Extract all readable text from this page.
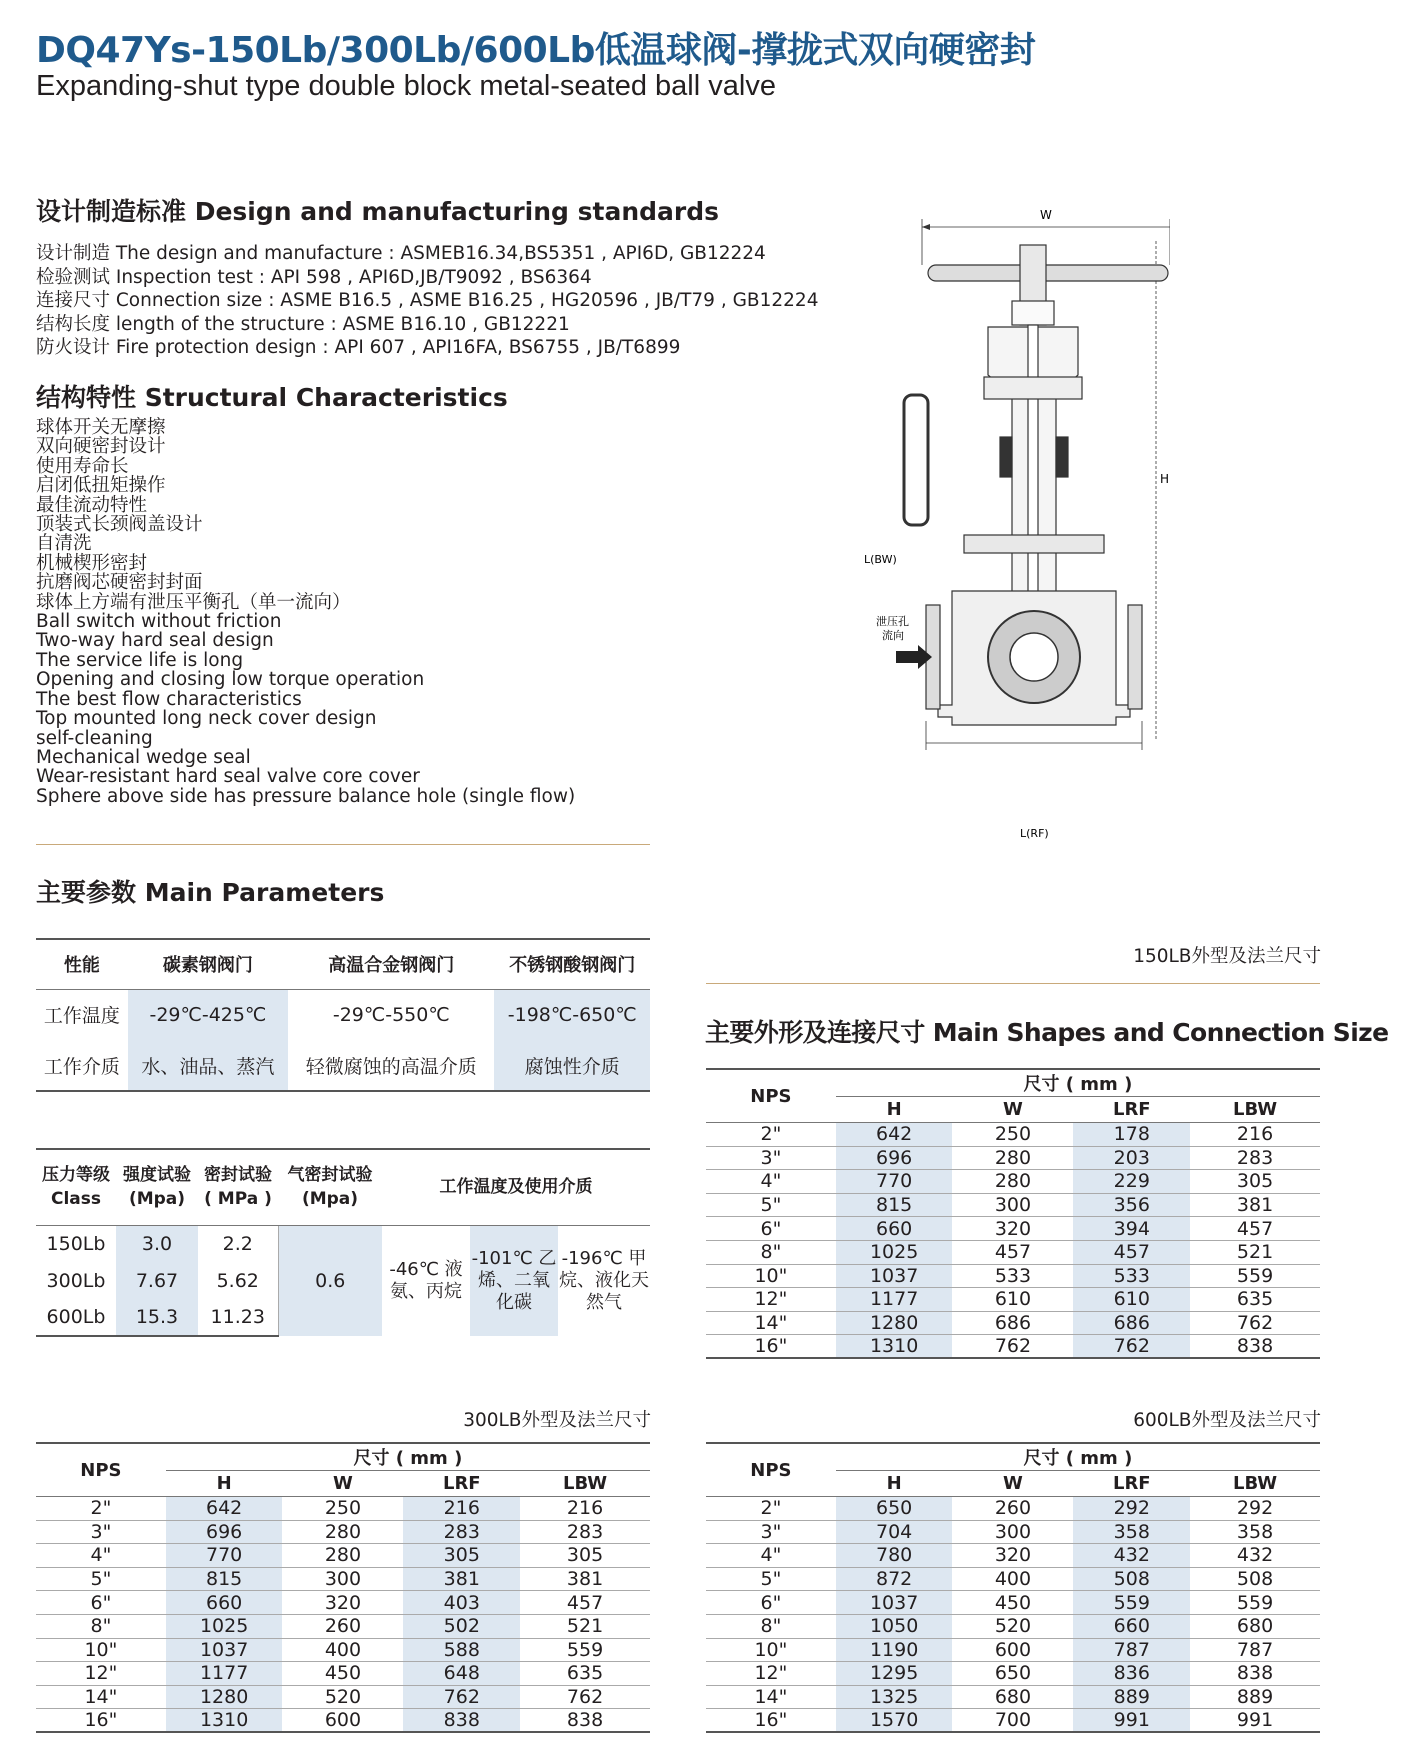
DQ47Ys-150Lb/300Lb/600Lb低温球阀-撑拢式双向硬密封
Expanding-shut type double block metal-seated ball valve
设计制造标准 Design and manufacturing standards
设计制造 The design and manufacture : ASMEB16.34,BS5351 , API6D, GB12224
检验测试 Inspection test : API 598 , API6D,JB/T9092 , BS6364
连接尺寸 Connection size : ASME B16.5 , ASME B16.25 , HG20596 , JB/T79 , GB12224
结构长度 length of the structure : ASME B16.10 , GB12221
防火设计 Fire protection design : API 607 , API16FA, BS6755 , JB/T6899
结构特性 Structural Characteristics
球体开关无摩擦
双向硬密封设计
使用寿命长
启闭低扭矩操作
最佳流动特性
顶装式长颈阀盖设计
自清洗
机械楔形密封
抗磨阀芯硬密封封面
球体上方端有泄压平衡孔（单一流向）
Ball switch without friction
Two-way hard seal design
The service life is long
Opening and closing low torque operation
The best flow characteristics
Top mounted long neck cover design
self-cleaning
Mechanical wedge seal
Wear-resistant hard seal valve core cover
Sphere above side has pressure balance hole (single flow)
W
H
L(BW)
泄压孔
流向
L(RF)
主要参数 Main Parameters
性能	碳素钢阀门	高温合金钢阀门	不锈钢酸钢阀门
工作温度	-29℃-425℃	-29℃-550℃	-198℃-650℃
工作介质	水、油品、蒸汽	轻微腐蚀的高温介质	腐蚀性介质
压力等级 Class	强度试验 (Mpa)	密封试验 ( MPa )	气密封试验 (Mpa)	工作温度及使用介质		
150Lb	3.0	2.2	0.6	-46℃ 液氨、丙烷	-101℃ 乙烯、二氧化碳	-196℃ 甲烷、液化天然气
300Lb	7.67	5.62				
600Lb	15.3	11.23				
150LB外型及法兰尺寸
主要外形及连接尺寸 Main Shapes and Connection Size
NPS	尺寸 ( mm )			
	H	W	LRF	LBW
2"	642	250	178	216
3"	696	280	203	283
4"	770	280	229	305
5"	815	300	356	381
6"	660	320	394	457
8"	1025	457	457	521
10"	1037	533	533	559
12"	1177	610	610	635
14"	1280	686	686	762
16"	1310	762	762	838
300LB外型及法兰尺寸
NPS	尺寸 ( mm )			
	H	W	LRF	LBW
2"	642	250	216	216
3"	696	280	283	283
4"	770	280	305	305
5"	815	300	381	381
6"	660	320	403	457
8"	1025	260	502	521
10"	1037	400	588	559
12"	1177	450	648	635
14"	1280	520	762	762
16"	1310	600	838	838
600LB外型及法兰尺寸
NPS	尺寸 ( mm )			
	H	W	LRF	LBW
2"	650	260	292	292
3"	704	300	358	358
4"	780	320	432	432
5"	872	400	508	508
6"	1037	450	559	559
8"	1050	520	660	680
10"	1190	600	787	787
12"	1295	650	836	838
14"	1325	680	889	889
16"	1570	700	991	991
